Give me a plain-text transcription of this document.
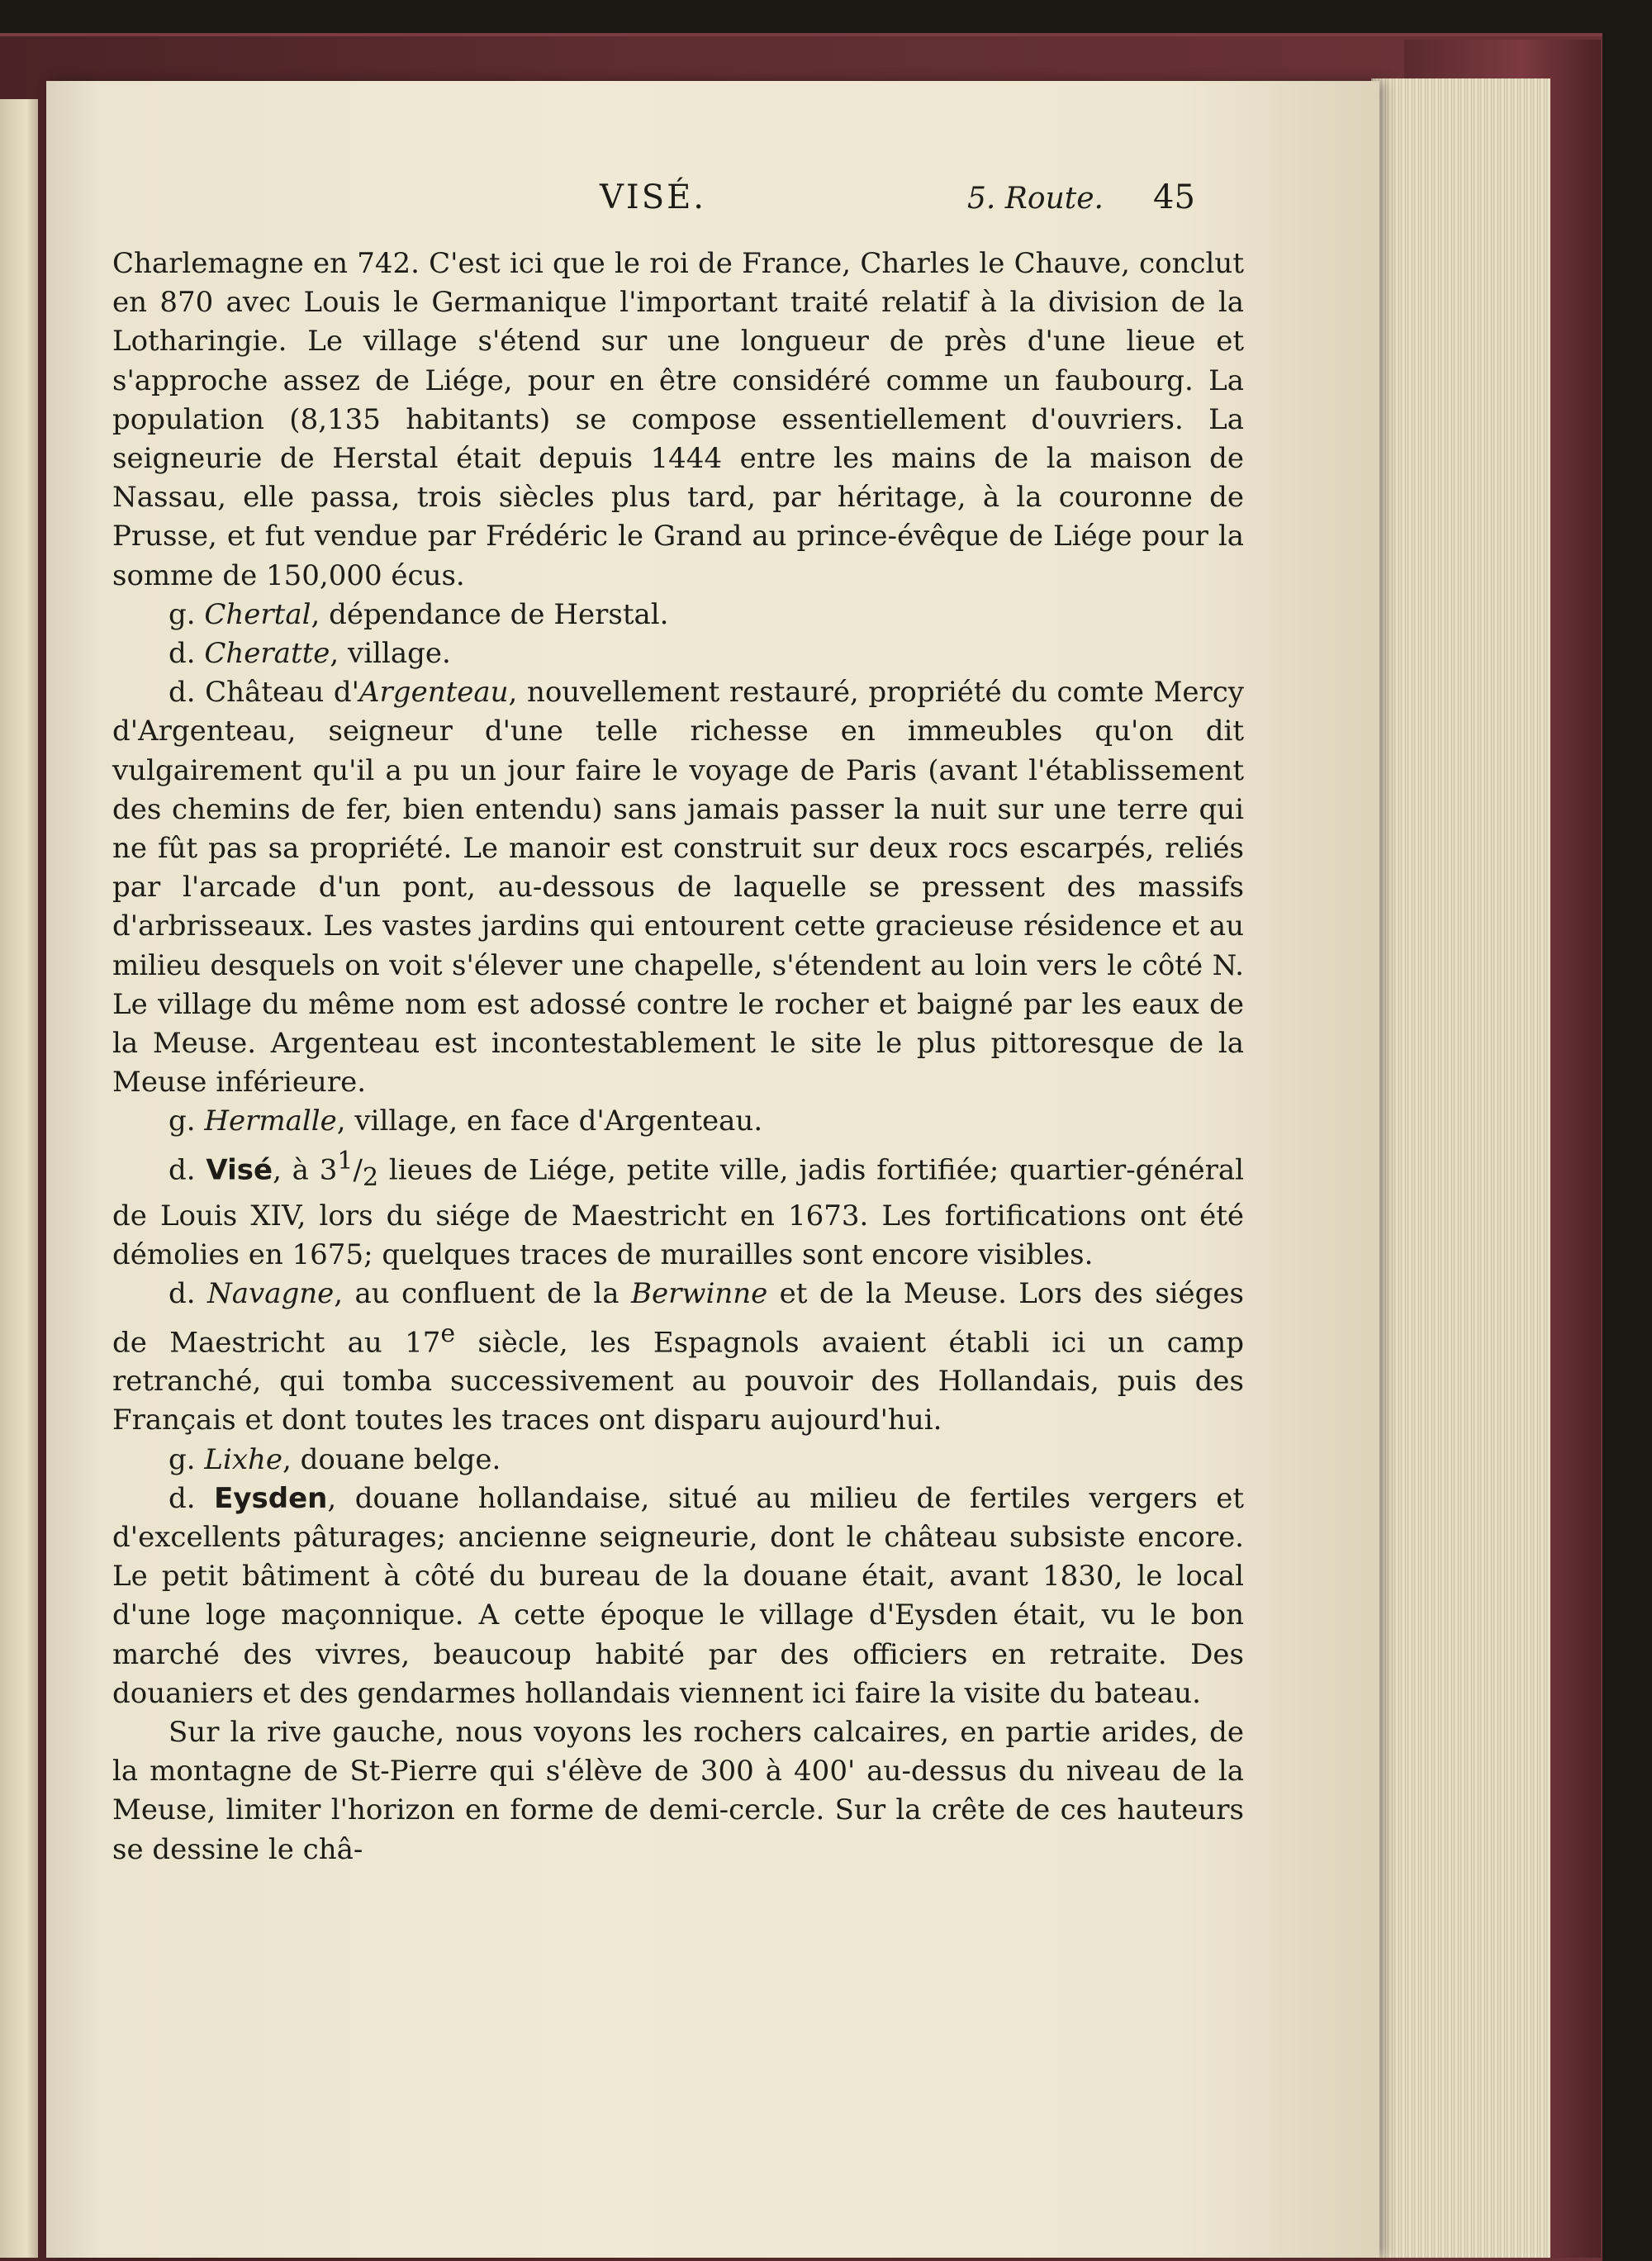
VISÉ.	5. Route. 45

Charlemagne en 742. C'est ici que le roi de France, Charles le Chauve, conclut en 870 avec Louis le Germanique l'important traité relatif à la division de la Lotharingie. Le village s'étend sur une longueur de près d'une lieue et s'approche assez de Liége, pour en être considéré comme un faubourg. La population (8,135 habitants) se compose essentiellement d'ouvriers. La seigneurie de Herstal était depuis 1444 entre les mains de la maison de Nassau, elle passa, trois siècles plus tard, par héritage, à la couronne de Prusse, et fut vendue par Frédéric le Grand au prince-évêque de Liége pour la somme de 150,000 écus.

g. Chertal, dépendance de Herstal.

d. Cheratte, village.

d. Château d'Argenteau, nouvellement restauré, propriété du comte Mercy d'Argenteau, seigneur d'une telle richesse en immeubles qu'on dit vulgairement qu'il a pu un jour faire le voyage de Paris (avant l'établissement des chemins de fer, bien entendu) sans jamais passer la nuit sur une terre qui ne fût pas sa propriété. Le manoir est construit sur deux rocs escarpés, reliés par l'arcade d'un pont, au-dessous de laquelle se pressent des massifs d'arbrisseaux. Les vastes jardins qui entourent cette gracieuse résidence et au milieu desquels on voit s'élever une chapelle, s'étendent au loin vers le côté N. Le village du même nom est adossé contre le rocher et baigné par les eaux de la Meuse. Argenteau est incontestablement le site le plus pittoresque de la Meuse inférieure.

g. Hermalle, village, en face d'Argenteau.

d. Visé, à $3^1/_2$ lieues de Liége, petite ville, jadis fortifiée; quartier-général de Louis XIV, lors du siége de Maestricht en 1673. Les fortifications ont été démolies en 1675; quelques traces de murailles sont encore visibles.

d. Navagne, au confluent de la Berwinne et de la Meuse. Lors des siéges de Maestricht au 17e siècle, les Espagnols avaient établi ici un camp retranché, qui tomba successivement au pouvoir des Hollandais, puis des Français et dont toutes les traces ont disparu aujourd'hui.

g. Lixhe, douane belge.

d. Eysden, douane hollandaise, situé au milieu de fertiles vergers et d'excellents pâturages; ancienne seigneurie, dont le château subsiste encore. Le petit bâtiment à côté du bureau de la douane était, avant 1830, le local d'une loge maçonnique. A cette époque le village d'Eysden était, vu le bon marché des vivres, beaucoup habité par des officiers en retraite. Des douaniers et des gendarmes hollandais viennent ici faire la visite du bateau.

Sur la rive gauche, nous voyons les rochers calcaires, en partie arides, de la montagne de St-Pierre qui s'élève de 300 à 400' au-dessus du niveau de la Meuse, limiter l'horizon en forme de demi-cercle. Sur la crête de ces hauteurs se dessine le châ-
